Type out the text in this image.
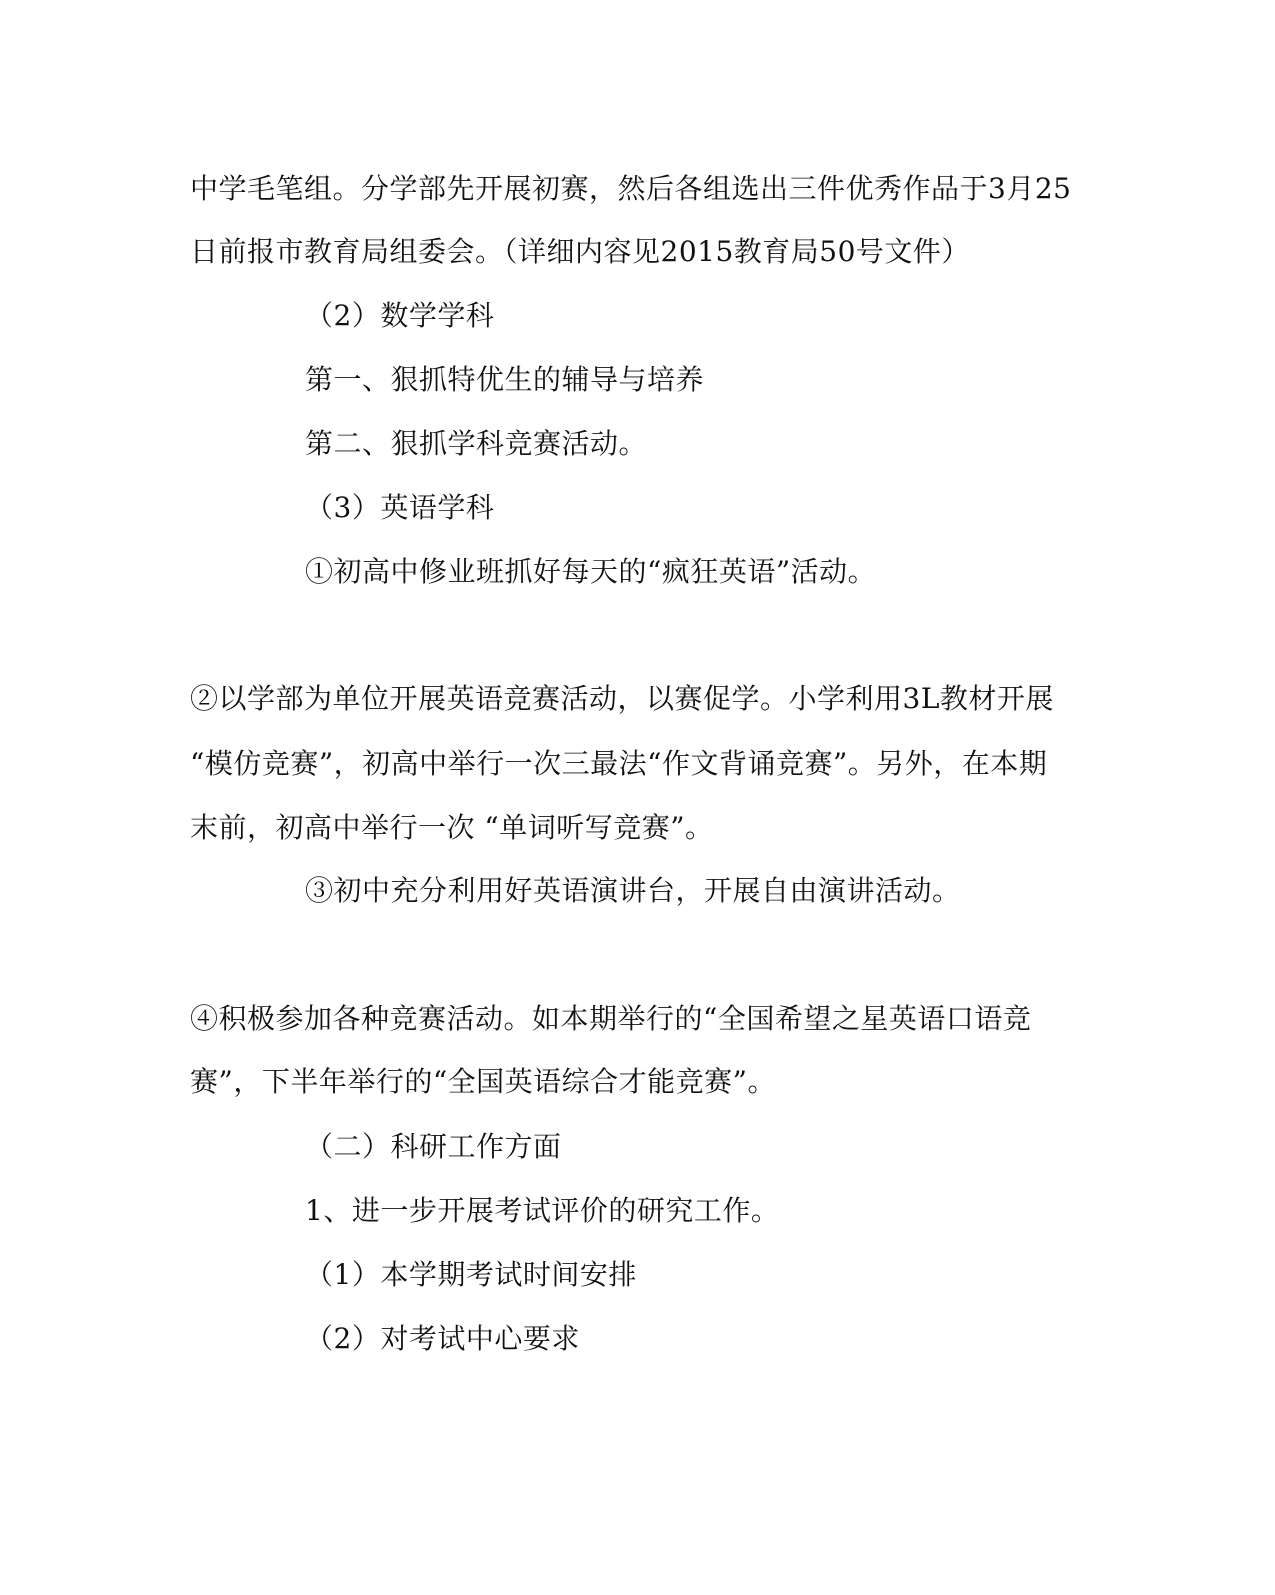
中学毛笔组。分学部先开展初赛，然后各组选出三件优秀作品于3月25
日前报市教育局组委会。（详细内容见2015教育局50号文件）
（2）数学学科
第一、狠抓特优生的辅导与培养
第二、狠抓学科竞赛活动。
（3）英语学科
①初高中修业班抓好每天的“疯狂英语”活动。
②以学部为单位开展英语竞赛活动，以赛促学。小学利用3L教材开展
“模仿竞赛”，初高中举行一次三最法“作文背诵竞赛”。另外，在本期
末前，初高中举行一次 “单词听写竞赛”。
③初中充分利用好英语演讲台，开展自由演讲活动。
④积极参加各种竞赛活动。如本期举行的“全国希望之星英语口语竞
赛”，下半年举行的“全国英语综合才能竞赛”。
（二）科研工作方面
1、进一步开展考试评价的研究工作。
（1）本学期考试时间安排
（2）对考试中心要求
